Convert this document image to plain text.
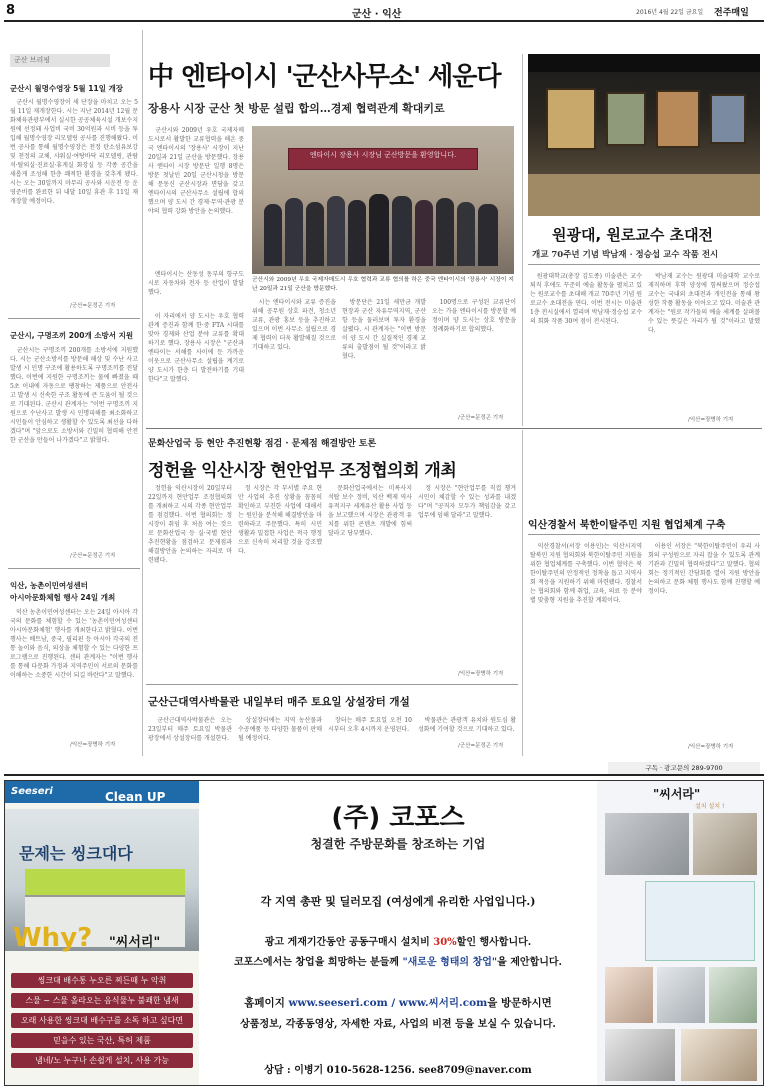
8	군산 · 익산	2016년 4월 22일 금요일 전주매일
군산 브리핑
군산시 월명수영장 5월 11일 개장
　군산시 월명수영장이 새 단장을 마치고 오는 5월 11일 재개장한다. 시는 지난 2014년 12월 문화체육관광부에서 실시한 공공체육시설 개보수지원에 선정돼 사업비 국비 30억원과 시비 등을 투입해 월명수영장 리모델링 공사를 진행해왔다. 이번 공사를 통해 월명수영장은 천정 탄소섬유보강 및 천정의 교체, 샤워실·여탕바닥 리모델링, 관람석·탈의실·진료실·휴게실 화장실 등 각종 공간을 새롭게 조성해 한층 쾌적한 환경을 갖추게 됐다. 시는 오는 30일까지 마무리 공사와 시운전 등 운영준비를 완료한 뒤 내달 10일 휴관 후 11일 재개장할 예정이다.
/군산=문정곤 기자
군산시, 구명조끼 200개 소방서 지원
　군산시는 구명조끼 200개를 소방서에 지원했다. 시는 군산소방서를 방문해 해상 및 수난 사고 발생 시 인명 구조에 활용하도록 구명조끼를 전달했다. 이번에 지원한 구명조끼는 물에 빠졌을 때 5초 이내에 자동으로 팽창하는 제품으로 안전사고 발생 시 신속한 구조 활동에 큰 도움이 될 것으로 기대된다. 군산시 관계자는 "이번 구명조끼 지원으로 수난사고 발생 시 인명피해를 최소화하고 시민들이 안심하고 생활할 수 있도록 최선을 다하겠다"며 "앞으로도 소방서와 긴밀히 협력해 안전한 군산을 만들어 나가겠다"고 밝혔다.
/군산=문정곤 기자
익산, 농촌이민여성센터
아시아문화체험 행사 24일 개최
　익산 농촌이민여성센터는 오는 24일 아시아 각국의 문화를 체험할 수 있는 '농촌이민여성센터 아시아문화체험' 행사를 개최한다고 밝혔다. 이번 행사는 베트남, 중국, 필리핀 등 아시아 각국의 전통 놀이와 음식, 의상을 체험할 수 있는 다양한 프로그램으로 진행된다. 센터 관계자는 "이번 행사를 통해 다문화 가정과 지역주민이 서로의 문화를 이해하는 소중한 시간이 되길 바란다"고 말했다.
/익산=장병하 기자
中 엔타이시 '군산사무소' 세운다
장용사 시장 군산 첫 방문 설립 합의…경제 협력관계 확대키로
　군산시와 2009년 우호 국제자매도시로서 활발한 교류협력을 해온 중국 엔타이시의 '장용사' 시장이 지난 20일과 21일 군산을 방문했다. 장용사 엔타이 시장 방문단 일행 8명은 방문 첫날인 20일 군산시청을 방문해 문동신 군산시장과 면담을 갖고 엔타이시의 군산사무소 설립에 합의했으며 양 도시 간 경제·무역·관광 분야의 협력 강화 방안을 논의했다.
　엔타이시는 산동성 동부의 항구도시로 자동차와 전자 등 산업이 발달했다.
엔타이시 장용사 시장님 군산방문을 환영합니다.
군산시와 2009년 우호 국제자매도시 우호 협력과 교류 협의를 하은 중국 엔타이시의 '장용사' 시장이 지난 20일과 21일 군산을 방문했다.
　이 자리에서 양 도시는 우호 협력 관계 증진과 함께 한·중 FTA 시대를 맞아 경제와 산업 분야 교류를 확대하기로 했다. 장용사 시장은 "군산과 엔타이는 서해를 사이에 둔 가까운 이웃으로 군산사무소 설립을 계기로 양 도시가 한층 더 발전하기를 기대한다"고 말했다.
　시는 엔타이시와 교류 증진을 위해 공무원 상호 파견, 청소년 교류, 관광 홍보 등을 추진하고 있으며 이번 사무소 설립으로 경제 협력이 더욱 활발해질 것으로 기대하고 있다.
　방문단은 21일 새만금 개발 현장과 군산 자유무역지역, 군산항 등을 둘러보며 투자 환경을 살폈다. 시 관계자는 "이번 방문이 양 도시 간 실질적인 경제 교류의 출발점이 될 것"이라고 밝혔다.
　100명으로 구성된 교류단이 오는 가을 엔타이시를 방문할 예정이며 양 도시는 상호 방문을 정례화하기로 합의했다.
/군산=문정곤 기자
원광대, 원로교수 초대전
개교 70주년 기념 박남재 · 정승섭 교수 작품 전시
　원광대학교(총장 김도종) 미술관은 교수 퇴직 후에도 꾸준히 예술 활동을 펼치고 있는 원로교수를 초대해 개교 70주년 기념 원로교수 초대전을 연다. 이번 전시는 미술관 1층 전시실에서 열리며 박남재·정승섭 교수의 회화 작품 30여 점이 전시된다.
　박남재 교수는 원광대 미술대학 교수로 재직하며 후학 양성에 힘써왔으며 정승섭 교수는 국내외 초대전과 개인전을 통해 왕성한 작품 활동을 이어오고 있다. 미술관 관계자는 "원로 작가들의 예술 세계를 살펴볼 수 있는 뜻깊은 자리가 될 것"이라고 말했다.
/익산=장병하 기자
문화산업국 등 현안 추진현황 점검 · 문제점 해결방안 토론
정헌율 익산시장 현안업무 조정협의회 개최
　정헌율 익산시장이 20일부터 22일까지 현안업무 조정협의회를 개최하고 시의 각종 현안업무를 점검했다. 이번 협의회는 정 시장이 취임 후 처음 여는 것으로 문화산업국 등 실·국별 현안 추진현황을 점검하고 문제점과 해결방안을 논의하는 자리로 마련됐다.
　정 시장은 각 부서별 주요 현안 사업의 추진 상황을 꼼꼼히 확인하고 부진한 사업에 대해서는 원인을 분석해 해결방안을 마련하라고 주문했다. 특히 시민 생활과 밀접한 사업은 적극 행정으로 신속히 처리할 것을 강조했다.
　문화산업국에서는 미륵사지 석탑 보수 정비, 익산 백제 역사유적지구 세계유산 활용 사업 등을 보고했으며 시장은 관광객 유치를 위한 콘텐츠 개발에 힘써 달라고 당부했다.
　정 시장은 "현안업무를 직접 챙겨 시민이 체감할 수 있는 성과를 내겠다"며 "공직자 모두가 책임감을 갖고 업무에 임해 달라"고 말했다.
/익산=장병하 기자
군산근대역사박물관 내일부터 매주 토요일 상설장터 개설
　군산근대역사박물관은 오는 23일부터 매주 토요일 박물관 광장에서 상설장터를 개설한다.
　상설장터에는 지역 농산물과 수공예품 등 다양한 물품이 판매될 예정이다.
　장터는 매주 토요일 오전 10시부터 오후 4시까지 운영된다.
　박물관은 관광객 유치와 원도심 활성화에 기여할 것으로 기대하고 있다.
/군산=문정곤 기자
익산경찰서 북한이탈주민 지원 협업체계 구축
　익산경찰서(서장 이용인)는 익산시지역 탈북민 지원 협의회와 북한이탈주민 지원을 위한 협업체계를 구축했다. 이번 협약은 북한이탈주민의 안정적인 정착을 돕고 지역사회 적응을 지원하기 위해 마련됐다. 경찰서는 협의회와 함께 취업, 교육, 의료 등 분야별 맞춤형 지원을 추진할 계획이다.
　이용인 서장은 "북한이탈주민이 우리 사회의 구성원으로 자리 잡을 수 있도록 관계기관과 긴밀히 협력하겠다"고 말했다. 협의회는 정기적인 간담회를 열어 지원 방안을 논의하고 문화 체험 행사도 함께 진행할 예정이다.
/익산=장병하 기자
구독 · 광고문의 289-9700
Seeseri	Clean UP
문제는 씽크대다
Why? "씨서리"
씽크대 배수통 누오른 찌든때 누 악취
스물 ~ 스물 올라오는 음식물누 불쾌한 냄새
오래 사용한 씽크대 배수구를 소독 하고 싶다면
믿을수 있는 국산, 특허 제품
냄네/노 누구나 손쉽게 설치, 사용 가능
(주) 코포스
청결한 주방문화를 창조하는 기업
각 지역 총판 및 딜러모집 (여성에게 유리한 사업입니다.)
광고 게재기간동안 공동구매시 설치비 30%할인 행사합니다.
코포스에서는 창업을 희망하는 분들께 "새로운 형태의 창업"을 제안합니다.
홈페이지 www.seeseri.com / www.씨서리.com을 방문하시면
상품정보, 각종동영상, 자세한 자료, 사업의 비젼 등을 보실 수 있습니다.
상담 : 이병기 010-5628-1256. see8709@naver.com
"씨서라"
설치 설치 !
